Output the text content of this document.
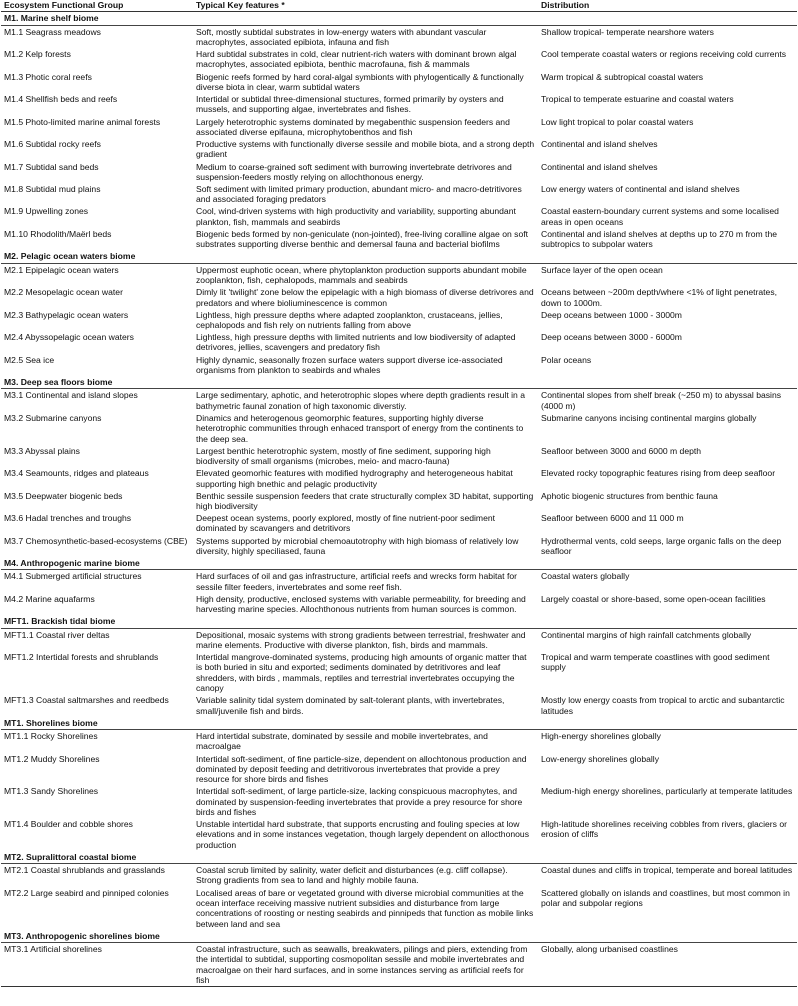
Ecosystem Functional Group	Typical Key features *	Distribution
M1. Marine shelf biome		
M1.1 Seagrass meadows	Soft, mostly subtidal substrates in low-energy waters with abundant vascular macrophytes, associated epibiota, infauna and fish	Shallow tropical- temperate nearshore waters
M1.2 Kelp forests	Hard subtidal substrates in cold, clear nutrient-rich waters with dominant brown algal macrophytes, associated epibiota, benthic macrofauna, fish & mammals	Cool temperate coastal waters or regions receiving cold currents
M1.3 Photic coral reefs	Biogenic reefs formed by hard coral-algal symbionts with phylogentically & functionally diverse biota in clear, warm subtidal waters	Warm tropical & subtropical coastal waters
M1.4 Shellfish beds and reefs	Intertidal or subtidal three-dimensional stuctures, formed primarily by oysters and mussels, and supporting algae, invertebrates and fishes.	Tropical to temperate estuarine and coastal waters
M1.5 Photo-limited marine animal forests	Largely heterotrophic systems dominated by megabenthic suspension feeders and associated diverse epifauna, microphytobenthos and fish	Low light tropical to polar coastal waters
M1.6 Subtidal rocky reefs	Productive systems with functionally diverse sessile and mobile biota, and a strong depth gradient	Continental and island shelves
M1.7 Subtidal sand beds	Medium to coarse-grained soft sediment with burrowing invertebrate detrivores and suspension-feeders mostly relying on allochthonous energy.	Continental and island shelves
M1.8 Subtidal mud plains	Soft sediment with limited primary production, abundant micro- and macro-detritivores and associated foraging predators	Low energy waters of continental and island shelves
M1.9 Upwelling zones	Cool, wind-driven systems with high productivity and variability, supporting abundant plankton, fish, mammals and seabirds	Coastal eastern-boundary current systems and some localised areas in open oceans
M1.10 Rhodolith/Maërl beds	Biogenic beds formed by non-geniculate (non-jointed), free-living coralline algae on soft substrates supporting diverse benthic and demersal fauna and bacterial biofilms	Continental and island shelves at depths up to 270 m from the subtropics to subpolar waters
M2. Pelagic ocean waters biome		
M2.1 Epipelagic ocean waters	Uppermost euphotic ocean, where phytoplankton production supports abundant mobile zooplankton, fish, cephalopods, mammals and seabirds	Surface layer of the open ocean
M2.2 Mesopelagic ocean water	Dimly lit 'twilight' zone below the epipelagic with a high biomass of diverse detrivores and predators and where bioliuminescence is common	Oceans between ~200m depth/where <1% of light penetrates, down to 1000m.
M2.3 Bathypelagic ocean waters	Lightless, high pressure depths where adapted zooplankton, crustaceans, jellies, cephalopods and fish rely on nutrients falling from above	Deep oceans between 1000 - 3000m
M2.4 Abyssopelagic ocean waters	Lightless, high pressure depths with limited nutrients and low biodiversity of adapted detrivores, jellies, scavengers and predatory fish	Deep oceans between 3000 - 6000m
M2.5 Sea ice	Highly dynamic, seasonally frozen surface waters support diverse ice-associated organisms from plankton to seabirds and whales	Polar oceans
M3. Deep sea floors biome		
M3.1 Continental and island slopes	Large sedimentary, aphotic, and heterotrophic slopes where depth gradients result in a bathymetric faunal zonation of high taxonomic diverstiy.	Continental slopes from shelf break (~250 m) to abyssal basins (4000 m)
M3.2 Submarine canyons	Dinamics and heterogenous geomorphic features, supporting highly diverse heterotrophic communities through enhaced transport of energy from the continents to the deep sea.	Submarine canyons incising continental margins globally
M3.3 Abyssal plains	Largest benthic heterotrophic system, mostly of fine sediment, supporing high biodiversity of small organisms (microbes, meio- and macro-fauna)	Seafloor between 3000 and 6000 m depth
M3.4 Seamounts, ridges and plateaus	Elevated geomorhic features with modified hydrography and heterogeneous habitat supporting high bnethic and pelagic productivity	Elevated rocky topographic features rising from deep seafloor
M3.5 Deepwater biogenic beds	Benthic sessile suspension feeders that crate structurally complex 3D habitat, supporting high biodiversity	Aphotic biogenic structures from benthic fauna
M3.6 Hadal trenches and troughs	Deepest ocean systems, poorly explored, mostly of fine nutrient-poor sediment dominated by scavangers and detritivors	Seafloor between 6000 and 11 000 m
M3.7 Chemosynthetic-based-ecosystems (CBE)	Systems supported by microbial chemoautotrophy with high biomass of relatively low diversity, highly speciliased, fauna	Hydrothermal vents, cold seeps, large organic falls on the deep seafloor
M4. Anthropogenic marine biome		
M4.1 Submerged artificial structures	Hard surfaces of oil and gas infrastructure, artificial reefs and wrecks form habitat for sessile filter feeders, invertebrates and some reef fish.	Coastal waters globally
M4.2 Marine aquafarms	High density, productive, enclosed systems with variable permeability, for breeding and harvesting marine species. Allochthonous nutrients from human sources is common.	Largely coastal or shore-based, some open-ocean facilities
MFT1. Brackish tidal biome		
MFT1.1 Coastal river deltas	Depositional, mosaic systems with strong gradients between terrestrial, freshwater and marine elements. Productive with diverse plankton, fish, birds and mammals.	Continental margins of high rainfall catchments globally
MFT1.2 Intertidal forests and shrublands	Intertidal mangrove-dominated systems, producing high amounts of organic matter that is both buried in situ and exported; sediments dominated by detritivores and leaf shredders, with birds , mammals, reptiles and terrestrial invertebrates occupying the canopy	Tropical and warm temperate coastlines with good sediment supply
MFT1.3 Coastal saltmarshes and reedbeds	Variable salinity tidal system dominated by salt-tolerant plants, with invertebrates, small/juvenile fish and birds.	Mostly low energy coasts from tropical to arctic and subantarctic latitudes
MT1. Shorelines biome		
MT1.1 Rocky Shorelines	Hard intertidal substrate, dominated by sessile and mobile invertebrates, and macroalgae	High-energy shorelines globally
MT1.2 Muddy Shorelines	Intertidal soft-sediment, of fine particle-size, dependent on allochtonous production and dominated by deposit feeding and detritivorous invertebrates that provide a prey resource for shore birds and fishes	Low-energy shorelines globally
MT1.3 Sandy Shorelines	Intertidal soft-sediment, of large particle-size, lacking conspicuous macrophytes, and dominated by suspension-feeding invertebrates that provide a prey resource for shore birds and fishes	Medium-high energy shorelines, particularly at temperate latitudes
MT1.4 Boulder and cobble shores	Unstable intertidal hard substrate, that supports encrusting and fouling species at low elevations and in some instances vegetation, though largely dependent on allocthonous production	High-latitude shorelines receiving cobbles from rivers, glaciers or erosion of cliffs
MT2. Supralittoral coastal biome		
MT2.1 Coastal shrublands and grasslands	Coastal scrub limited by salinity, water deficit and disturbances (e.g. cliff collapse). Strong gradients from sea to land and highly mobile fauna.	Coastal dunes and cliffs in tropical, temperate and boreal latitudes
MT2.2 Large seabird and pinniped colonies	Localised areas of bare or vegetated ground with diverse microbial communities at the ocean interface receiving massive nutrient subsidies and disturbance from large concentrations of roosting or nesting seabirds and pinnipeds that function as mobile links between land and sea	Scattered globally on islands and coastlines, but most common in polar and subpolar regions
MT3. Anthropogenic shorelines biome		
MT3.1 Artificial shorelines	Coastal infrastructure, such as seawalls, breakwaters, pilings and piers, extending from the intertidal to subtidal, supporting cosmopolitan sessile and mobile invertebrates and macroalgae on their hard surfaces, and in some instances serving as artificial reefs for fish	Globally, along urbanised coastlines
